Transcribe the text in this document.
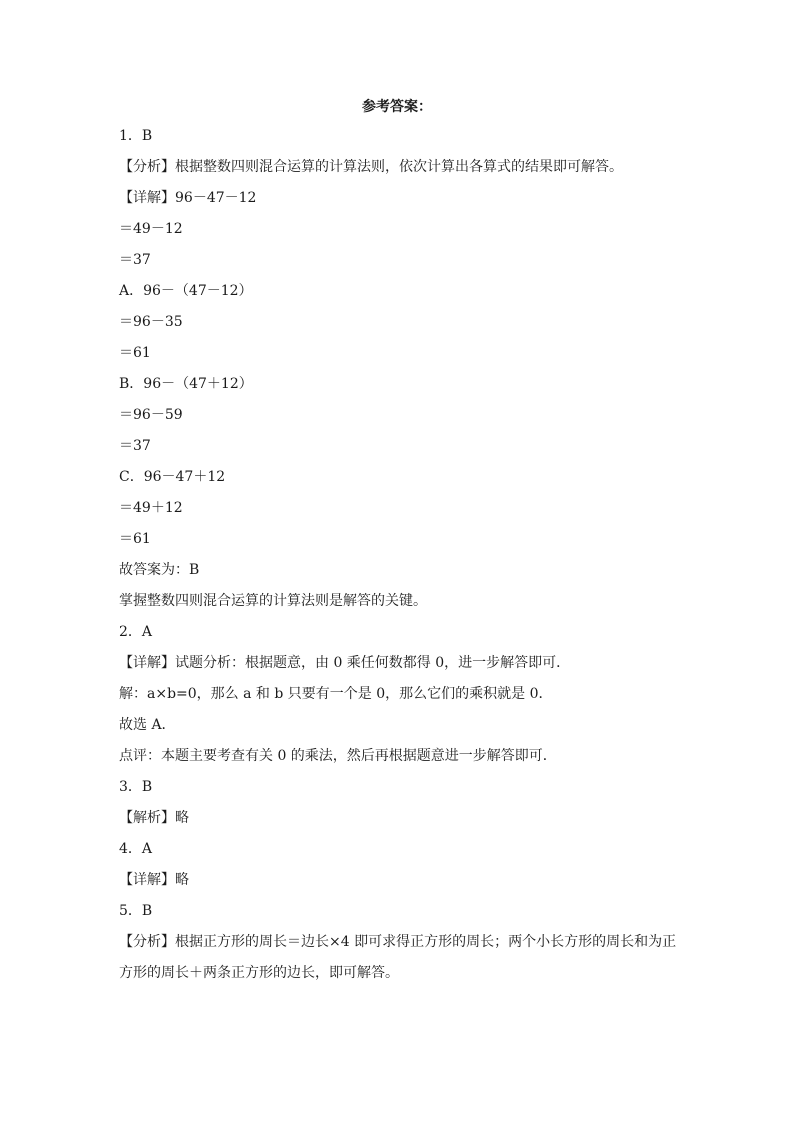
参考答案：
1．B
【分析】根据整数四则混合运算的计算法则，依次计算出各算式的结果即可解答。
【详解】96－47－12
＝49－12
＝37
A．96－（47－12）
＝96－35
＝61
B．96－（47＋12）
＝96－59
＝37
C．96－47＋12
＝49＋12
＝61
故答案为：B
掌握整数四则混合运算的计算法则是解答的关键。
2．A
【详解】试题分析：根据题意，由 0 乘任何数都得 0，进一步解答即可．
解：a×b=0，那么 a 和 b 只要有一个是 0，那么它们的乘积就是 0．
故选 A．
点评：本题主要考查有关 0 的乘法，然后再根据题意进一步解答即可．
3．B
【解析】略
4．A
【详解】略
5．B
【分析】根据正方形的周长＝边长×4 即可求得正方形的周长；两个小长方形的周长和为正方形的周长＋两条正方形的边长，即可解答。
